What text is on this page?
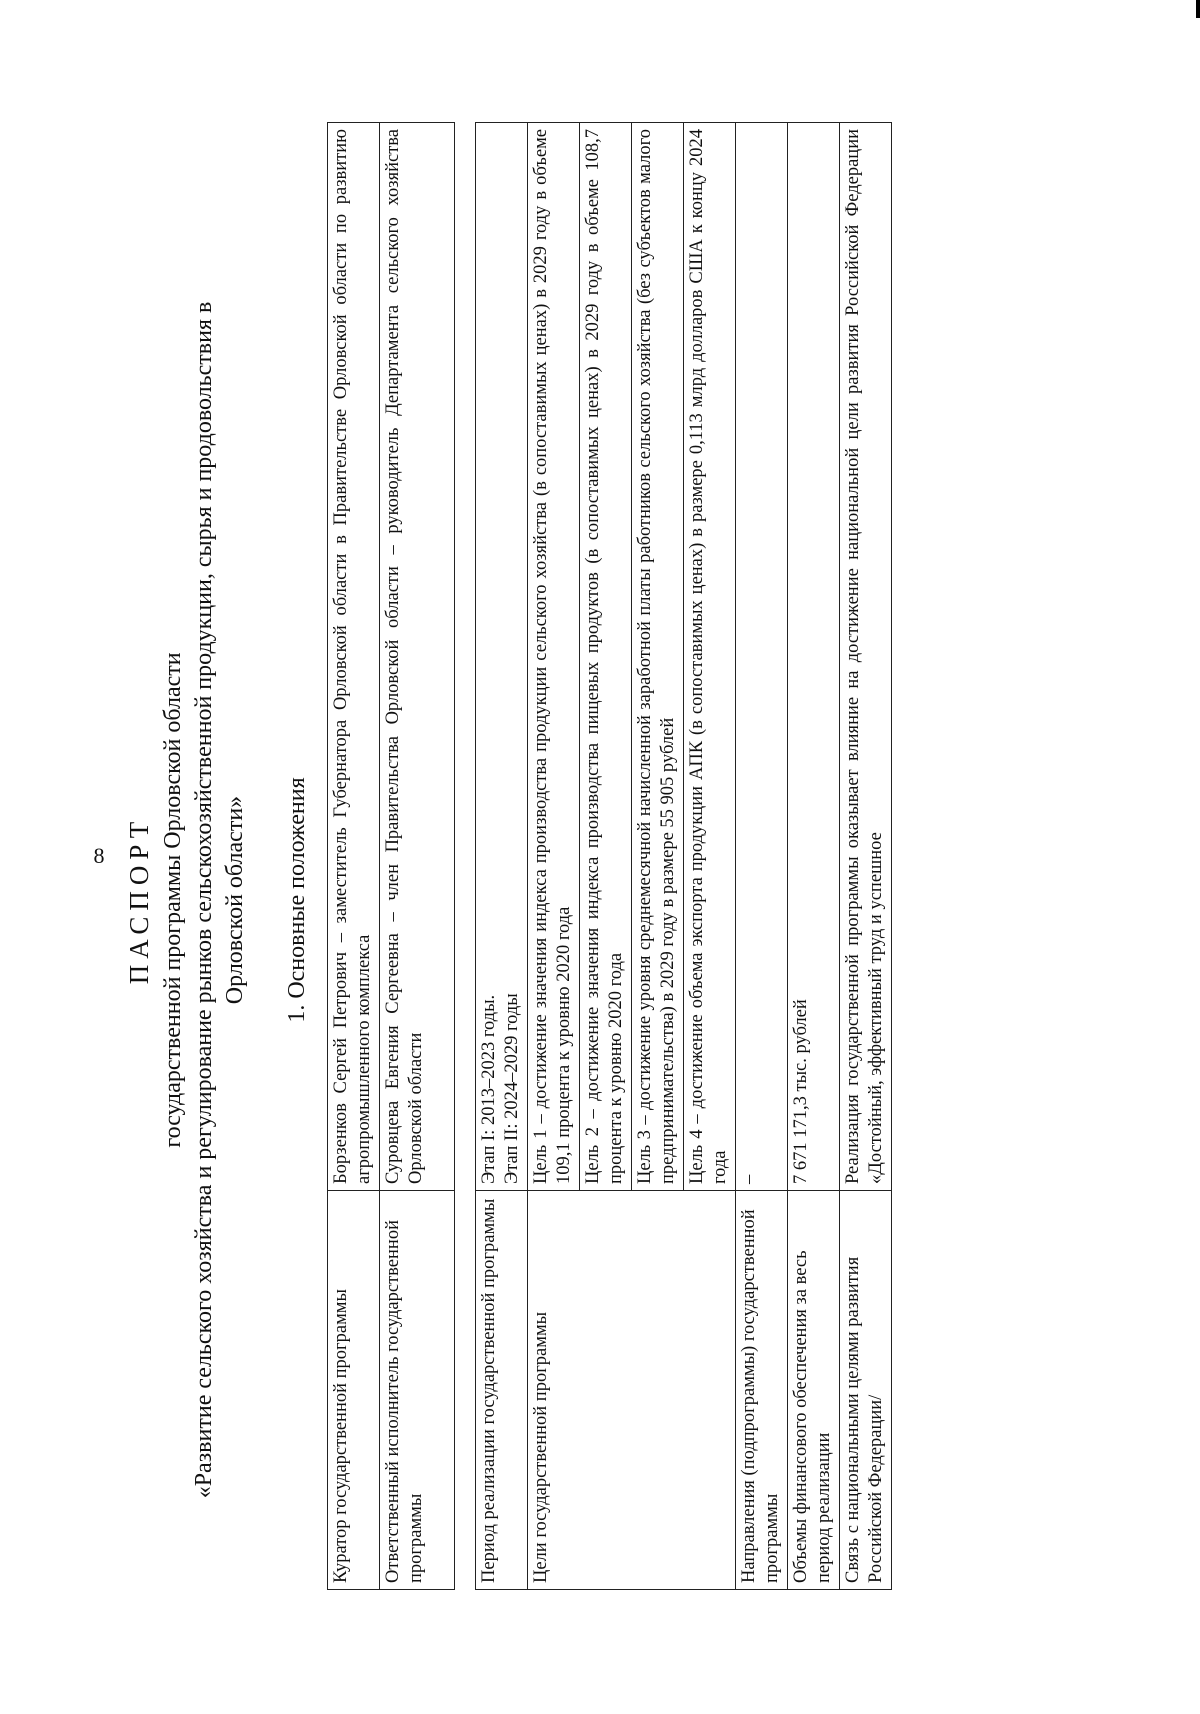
8 ПАСПОРТ государственной программы Орловской области «Развитие сельского хозяйства и регулирование рынков сельскохозяйственной продукции, сырья и продовольствия в Орловской области» 1. Основные положения

Куратор государственной программы	Борзенков Сергей Петрович – заместитель Губернатора Орловской области в Правительстве Орловской области по развитию агропромышленного комплекса
Ответственный исполнитель государственной программы	Суровцева Евгения Сергеевна – член Правительства Орловской области – руководитель Департамента сельского хозяйства Орловской области
Период реализации государственной программы	Этап I: 2013–2023 годы. Этап II: 2024–2029 годы

Цели государственной программы	Цель 1 – достижение значения индекса производства продукции сельского хозяйства (в сопоставимых ценах) в 2029 году в объеме 109,1 процента к уровню 2020 года
	Цель 2 – достижение значения индекса производства пищевых продуктов (в сопоставимых ценах) в 2029 году в объеме 108,7 процента к уровню 2020 года
	Цель 3 – достижение уровня среднемесячной начисленной заработной платы работников сельского хозяйства (без субъектов малого предпринимательства) в 2029 году в размере 55 905 рублей
	Цель 4 – достижение объема экспорта продукции АПК (в сопоставимых ценах) в размере 0,113 млрд долларов США к концу 2024 года
Направления (подпрограммы) государственной программы	–
Объемы финансового обеспечения за весь период реализации	7 671 171,3 тыс. рублей
Связь с национальными целями развития Российской Федерации/	Реализация государственной программы оказывает влияние на достижение национальной цели развития Российской Федерации «Достойный, эффективный труд и успешное
